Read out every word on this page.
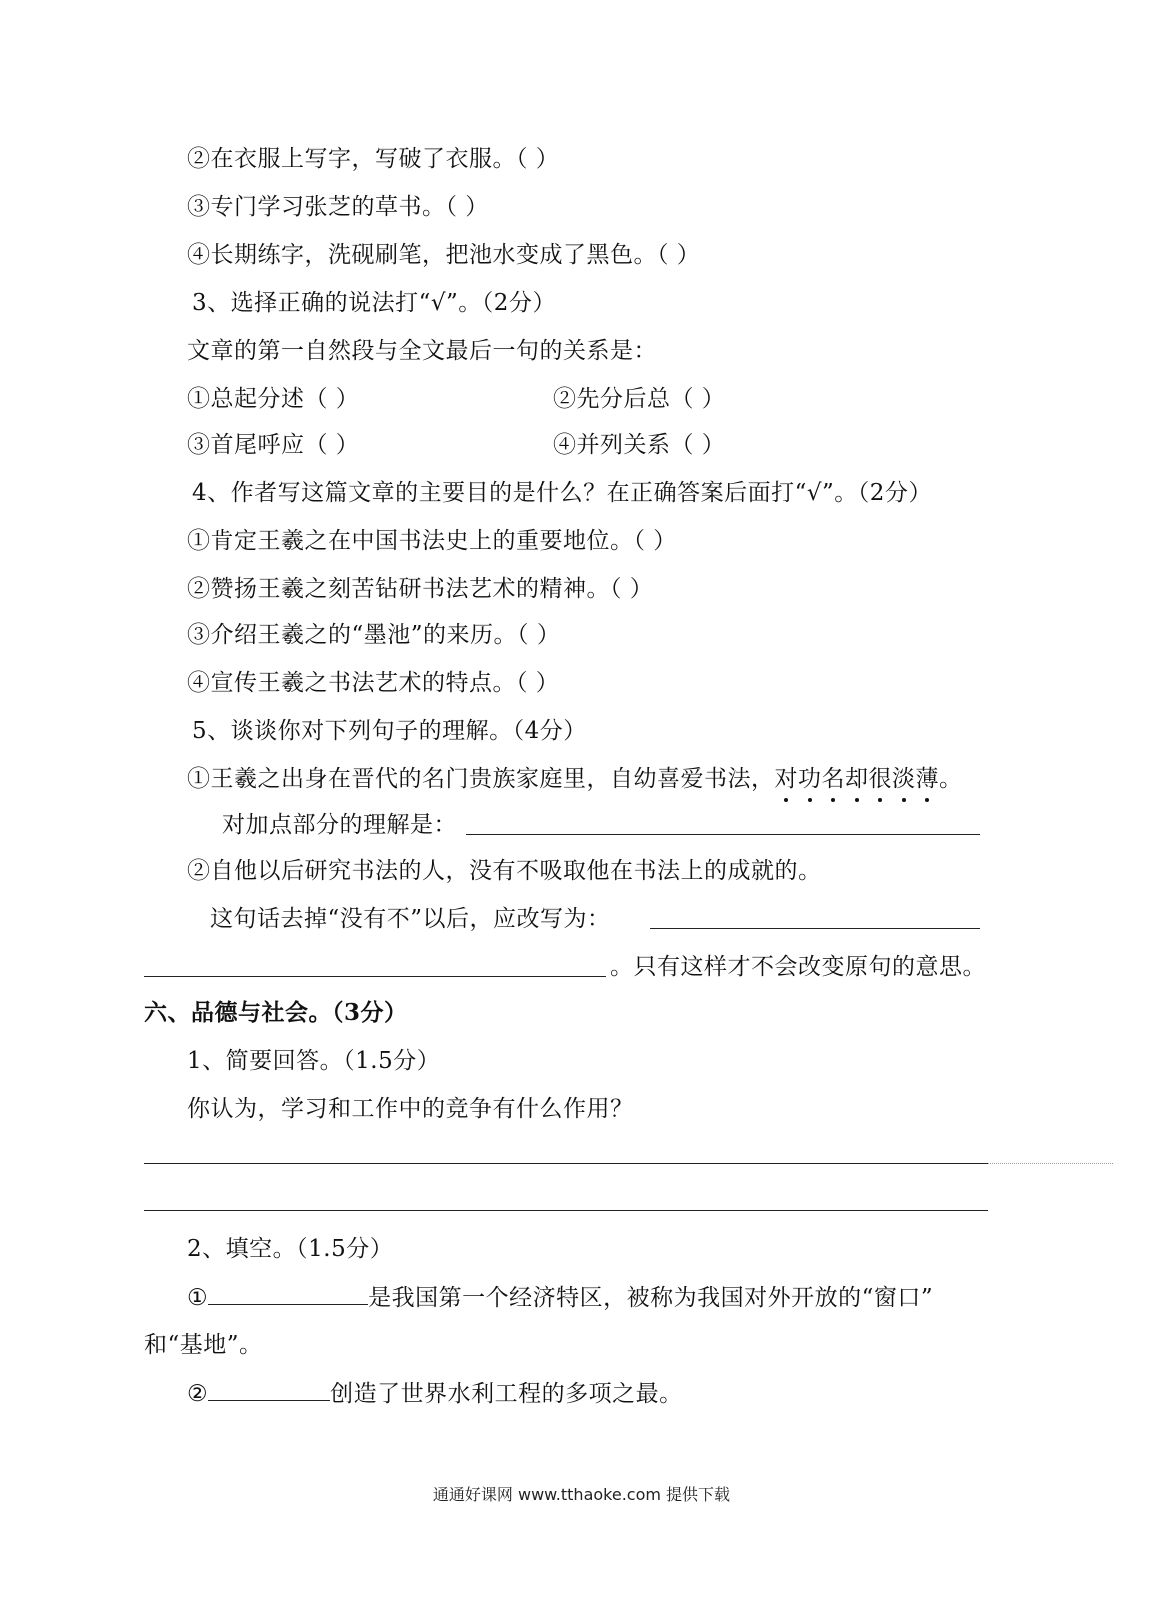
②在衣服上写字，写破了衣服。（ ）
③专门学习张芝的草书。（ ）
④长期练字，洗砚刷笔，把池水变成了黑色。（ ）
3、选择正确的说法打“√”。（2分）
文章的第一自然段与全文最后一句的关系是：
①总起分述（ ）	②先分后总（ ）
③首尾呼应（ ）	④并列关系（ ）
4、作者写这篇文章的主要目的是什么？在正确答案后面打“√”。（2分）
①肯定王羲之在中国书法史上的重要地位。（ ）
②赞扬王羲之刻苦钻研书法艺术的精神。（ ）
③介绍王羲之的“墨池”的来历。（ ）
④宣传王羲之书法艺术的特点。（ ）
5、谈谈你对下列句子的理解。（4分）
①王羲之出身在晋代的名门贵族家庭里，自幼喜爱书法，对功名却很淡薄。
对加点部分的理解是：
②自他以后研究书法的人，没有不吸取他在书法上的成就的。
这句话去掉“没有不”以后，应改写为：
。只有这样才不会改变原句的意思。
六、品德与社会。（3分）
1、简要回答。（1.5分）
你认为，学习和工作中的竞争有什么作用？
2、填空。（1.5分）
①	是我国第一个经济特区，被称为我国对外开放的“窗口”
和“基地”。
②	创造了世界水利工程的多项之最。
通通好课网 www.tthaoke.com 提供下载
